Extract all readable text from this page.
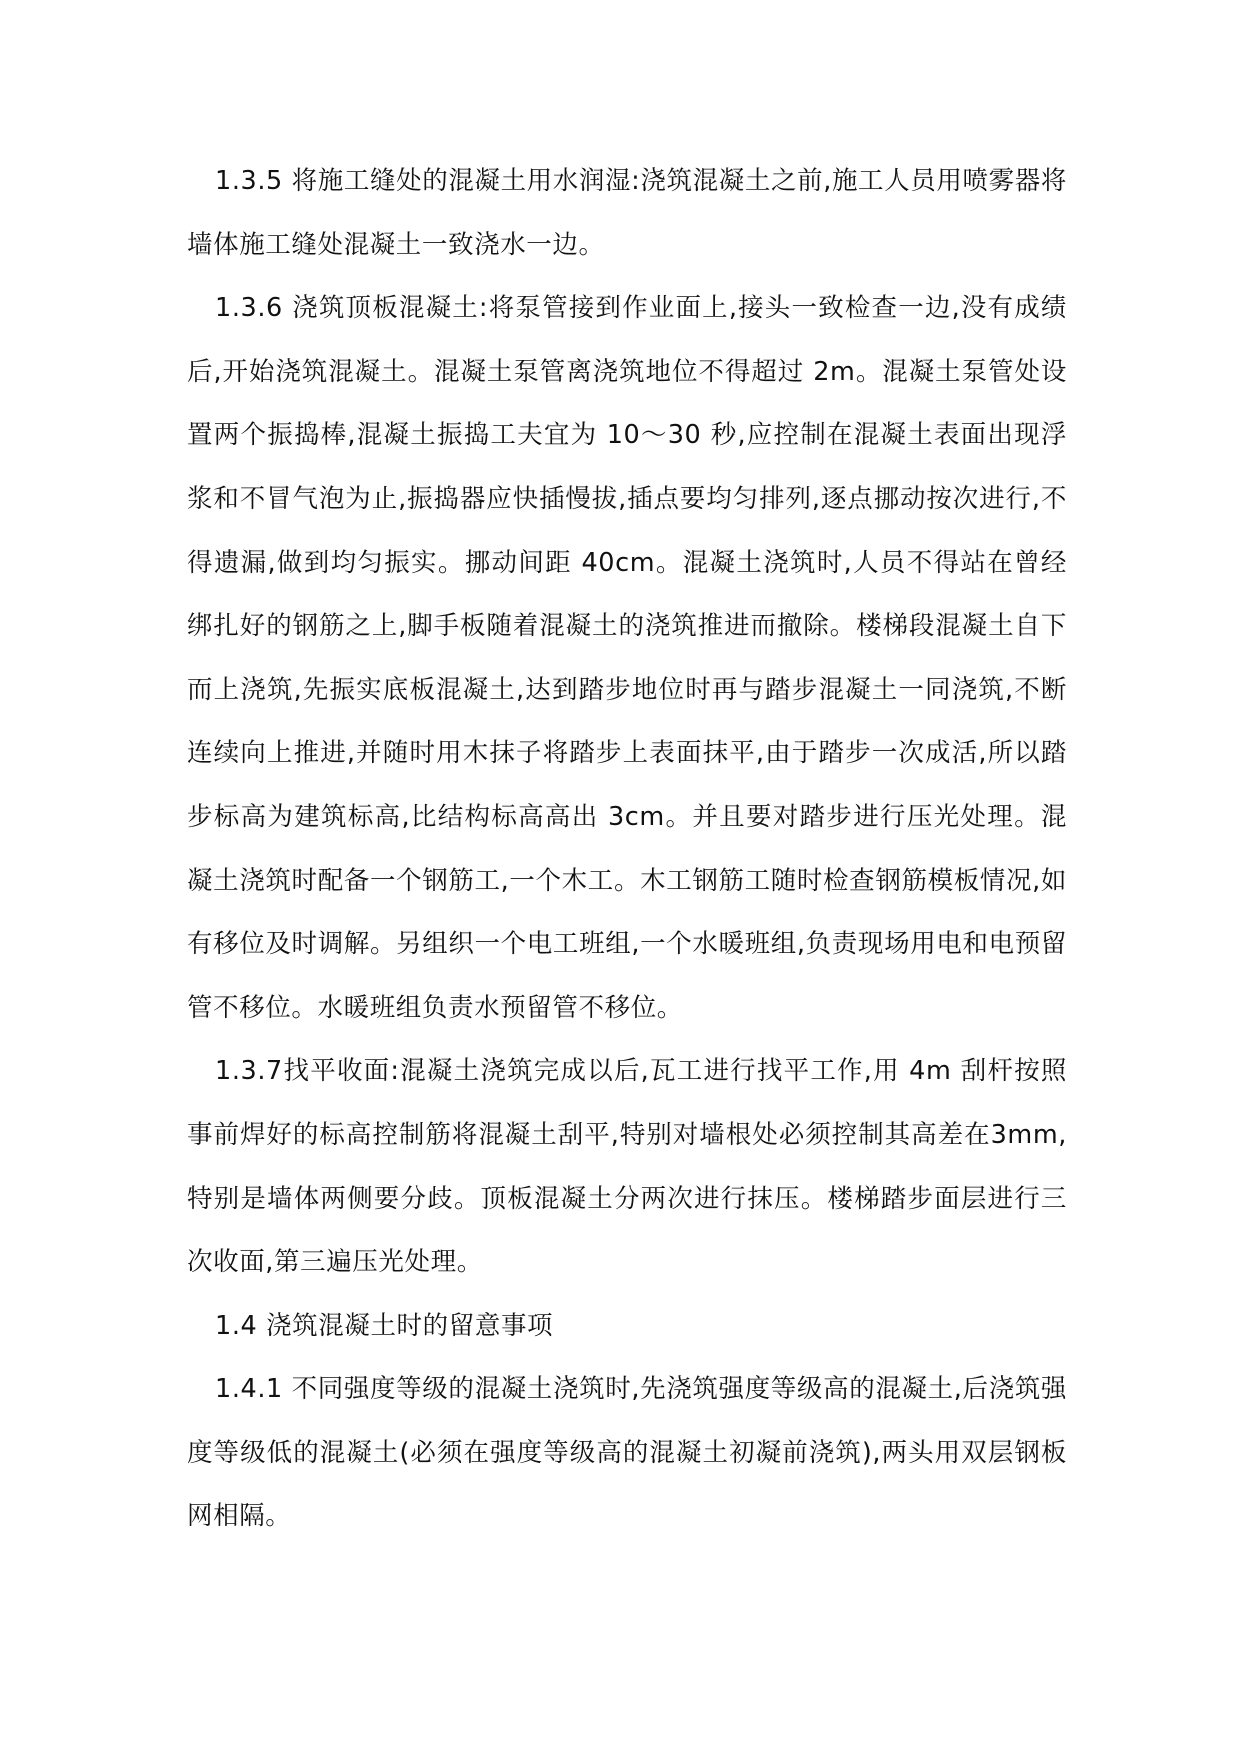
1.3.5 将施工缝处的混凝土用水润湿:浇筑混凝土之前,施工人员用喷雾器将墙体施工缝处混凝土一致浇水一边。

1.3.6 浇筑顶板混凝土:将泵管接到作业面上,接头一致检查一边,没有成绩后,开始浇筑混凝土。混凝土泵管离浇筑地位不得超过 2m。混凝土泵管处设置两个振捣棒,混凝土振捣工夫宜为 10～30 秒,应控制在混凝土表面出现浮浆和不冒气泡为止,振捣器应快插慢拔,插点要均匀排列,逐点挪动按次进行,不得遗漏,做到均匀振实。挪动间距 40cm。混凝土浇筑时,人员不得站在曾经绑扎好的钢筋之上,脚手板随着混凝土的浇筑推进而撤除。楼梯段混凝土自下而上浇筑,先振实底板混凝土,达到踏步地位时再与踏步混凝土一同浇筑,不断连续向上推进,并随时用木抹子将踏步上表面抹平,由于踏步一次成活,所以踏步标高为建筑标高,比结构标高高出 3cm。并且要对踏步进行压光处理。混凝土浇筑时配备一个钢筋工,一个木工。木工钢筋工随时检查钢筋模板情况,如有移位及时调解。另组织一个电工班组,一个水暖班组,负责现场用电和电预留管不移位。水暖班组负责水预留管不移位。

1.3.7找平收面:混凝土浇筑完成以后,瓦工进行找平工作,用 4m 刮杆按照事前焊好的标高控制筋将混凝土刮平,特别对墙根处必须控制其高差在3mm,特别是墙体两侧要分歧。顶板混凝土分两次进行抹压。楼梯踏步面层进行三次收面,第三遍压光处理。

1.4 浇筑混凝土时的留意事项

1.4.1 不同强度等级的混凝土浇筑时,先浇筑强度等级高的混凝土,后浇筑强度等级低的混凝土(必须在强度等级高的混凝土初凝前浇筑),两头用双层钢板网相隔。
